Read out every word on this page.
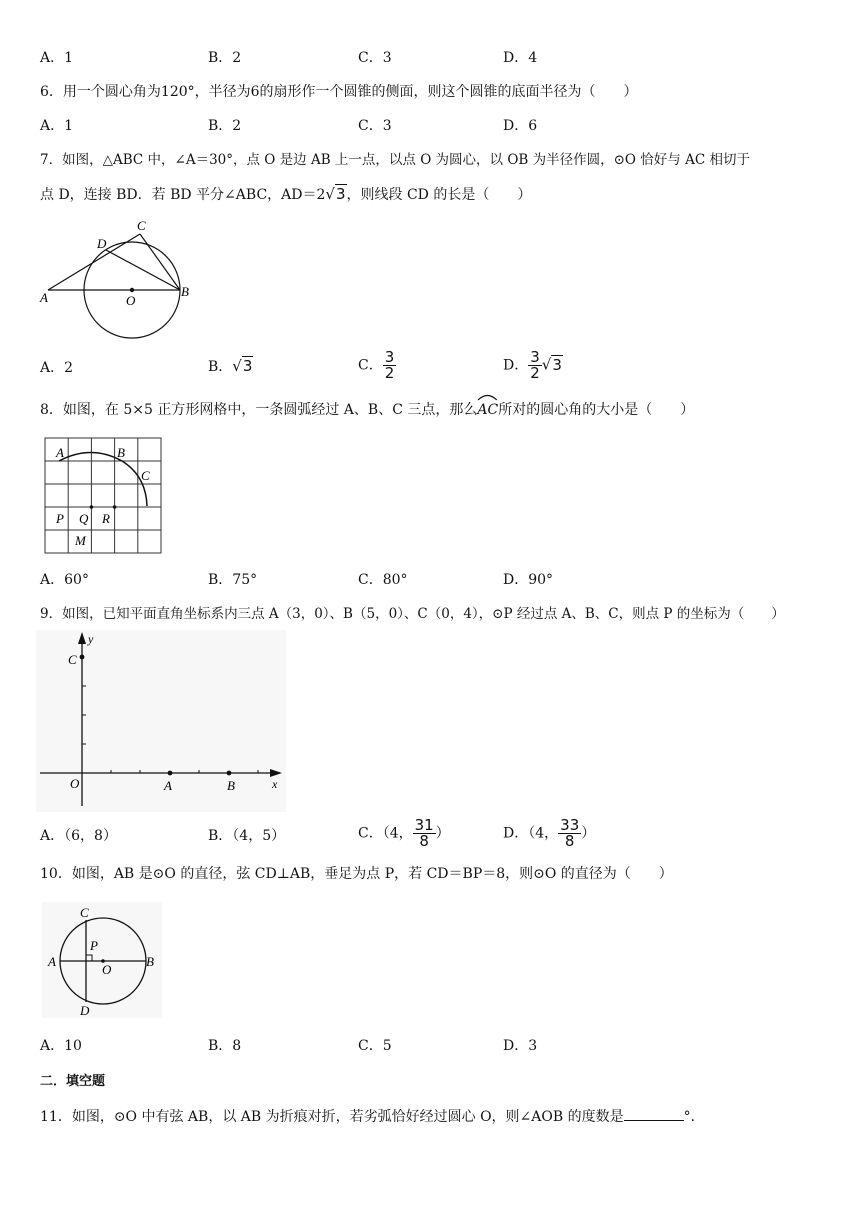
A．1	B．2	C．3	D．4
6．用一个圆心角为120°，半径为6的扇形作一个圆锥的侧面，则这个圆锥的底面半径为（　　）
A．1	B．2	C．3	D．6
7．如图，△ABC 中，∠A＝30°，点 O 是边 AB 上一点，以点 O 为圆心，以 OB 为半径作圆，⊙O 恰好与 AC 相切于
点 D，连接 BD．若 BD 平分∠ABC，AD＝2√3，则线段 CD 的长是（　　）
A	B
C
D
O
A．2	B．√3	C． $\frac{3}{2}$	D． $\frac{3}{2} √3$
8．如图，在 5×5 正方形网格中，一条圆弧经过 A、B、C 三点，那么
AC所对的圆心角的大小是（　　）
A	B
C
P Q R
M
A．60°	B．75°	C．80°	D．90°
9．如图，已知平面直角坐标系内三点 A（3，0）、B（5，0）、C（0，4），⊙P 经过点 A、B、C，则点 P 的坐标为（　　）
y
x
C
O	A	B
A．（6，8）	B．（4，5）	C．（4， $\frac{31}{8}$ ）	D．（4， $\frac{33}{8}$ ）
10．如图，AB 是⊙O 的直径，弦 CD⊥AB，垂足为点 P，若 CD＝BP＝8，则⊙O 的直径为（　　）
A	B
C
D
P
O
A．10	B．8	C．5	D．3
二．填空题
11．如图，⊙O 中有弦 AB，以 AB 为折痕对折，若劣弧恰好经过圆心 O，则∠AOB 的度数是	°．
